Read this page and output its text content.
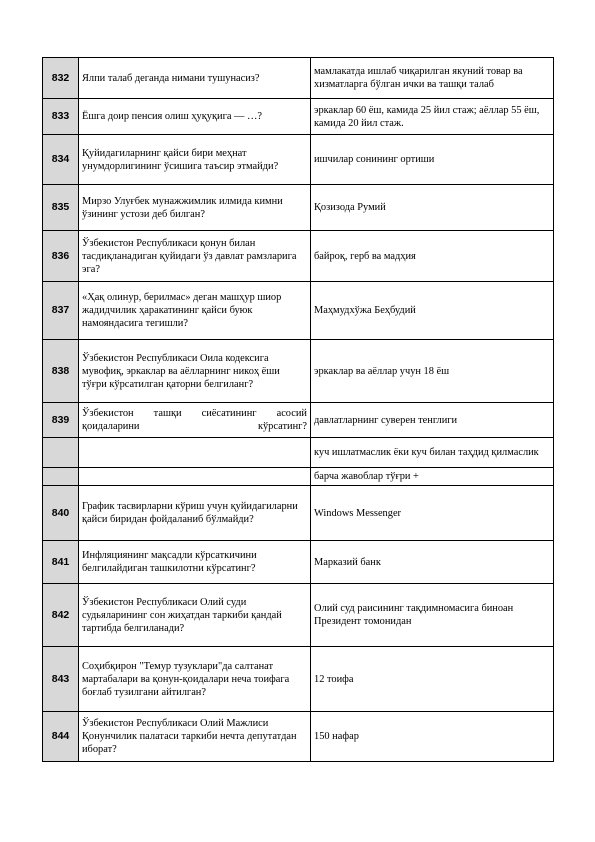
832	Ялпи талаб деганда нимани тушунасиз?	мамлакатда ишлаб чиқарилган якуний товар ва хизматларга бўлган ички ва ташқи талаб
833	Ёшга доир пенсия олиш ҳуқуқига — …?	эркаклар 60 ёш, камида 25 йил стаж; аёллар 55 ёш, камида 20 йил стаж.
834	Қуйидагиларнинг қайси бири меҳнат унумдорлигининг ўсишига таъсир этмайди?	ишчилар сонининг ортиши
835	Мирзо Улуғбек мунажжимлик илмида кимни ўзининг устози деб билган?	Қозизода Румий
836	Ўзбекистон Республикаси қонун билан тасдиқланадиган қуйидаги ўз давлат рамзларига эга?	байроқ, герб ва мадҳия
837	«Ҳақ олинур, берилмас» деган машҳур шиор жадидчилик ҳаракатининг қайси буюк намояндасига тегишли?	Маҳмудхўжа Беҳбудий
838	Ўзбекистон Республикаси Оила кодексига мувофиқ, эркаклар ва аёлларнинг никоҳ ёши тўғри кўрсатилган қаторни белгиланг?	эркаклар ва аёллар учун 18 ёш
839	Ўзбекистон ташқи сиёсатининг асосий қоидаларини кўрсатинг?	давлатларнинг суверен тенглиги
		куч ишлатмаслик ёки куч билан таҳдид қилмаслик
		барча жавоблар тўғри +
840	График тасвирларни кўриш учун қуйидагиларни қайси биридан фойдаланиб бўлмайди?	Windows Messenger
841	Инфляциянинг мақсадли кўрсаткичини белгилайдиган ташкилотни кўрсатинг?	Марказий банк
842	Ўзбекистон Республикаси Олий суди судьяларининг сон жиҳатдан таркиби қандай тартибда белгиланади?	Олий суд раисининг тақдимномасига биноан Президент томонидан
843	Соҳибқирон "Темур тузуклари"да салтанат мартабалари ва қонун-қоидалари неча тоифага боғлаб тузилгани айтилган?	12 тоифа
844	Ўзбекистон Республикаси Олий Мажлиси Қонунчилик палатаси таркиби нечта депутатдан иборат?	150 нафар
